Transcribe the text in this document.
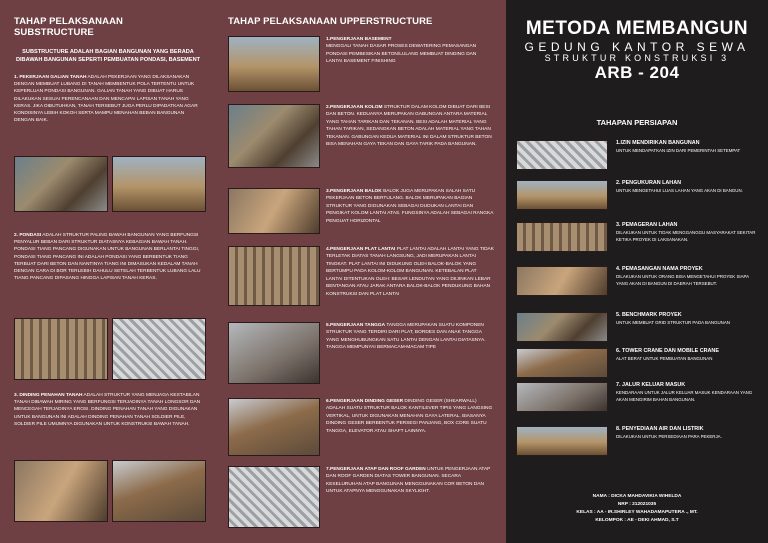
TAHAP PELAKSANAAN SUBSTRUCTURE
SUBSTRUCTURE ADALAH BAGIAN BANGUNAN YANG BERADA DIBAWAH BANGUNAN SEPERTI PEMBUATAN PONDASI, BASEMENT
1. PEKERJAAN GALIAN TANAH ADALAH PEKERJAAN YANG DILAKSANAKAN DENGAN MEMBUAT LUBANG DI TANAH MEMBENTUK POLA TERTENTU UNTUK KEPERLUAN PONDASI BANGUNAN. GALIAN TANAH YANG DIBUAT HARUS DILAKUKAN SESUAI PERENCANAAN DAN MENCAPAI LAPISAN TANAH YANG KERAS. JIKA DIBUTUHKAN, TANAH TERSEBUT JUGA PERLU DIPADATKAN AGAR KONDISINYA LEBIH KOKOH SERTA MAMPU MENAHAN BEBAN BANGUNAN DENGAN BAIK.
2. PONDASI ADALAH STRUKTUR PALING BAWAH BANGUNAN YANG BERFUNGSI PENYALUR BEBAN DARI STRUKTUR DIATASNYA KEBAGIAN BAWAH TANAH. PONDASI TIANG PANCANG DIGUNAKAN UNTUK BANGUNAN BERLANTAI TINGGI, PONDASI TIANG PANCANG INI ADALAH PONDASI YANG BERBENTUK TIANG TERBUAT DARI BETON DAN NANTINYA TIANG INI DIMASUKAN KEDALAM TANAH DENGAN CARA DI BOR TERLEBIH DAHULU SETELAH TERBENTUK LUBANG LALU TIANG PANCANG DIPASANG HINGGA LAPISAN TANAH KERAS.
3. DINDING PENAHAN TANAH ADALAH STRUKTUR YANG MENJAGA KESTABILAN TANAH DIBAWAH MIRING YANG BERFUNGSI TERJADINYA TANAH LONGSOR DAN MENCEGAH TERJADINYA EROSI. DINDING PENAHAN TANAH YANG DIGUNAKAN UNTUK BANGUNAN INI ADALAH DINDING PENAHAN TANAH SOLDIER PILE, SOLDIER PILE UMUMNYA DIGUNAKAN UNTUK KONSTRUKSI BAWAH TANAH.
TAHAP PELAKSANAAN UPPERSTRUCTURE
1.PENGERJAAN BASEMENT
MENGGALI TANAH DASAR PROSES DEWATERING PEMASANGAN PONDASI PEMBESIKAN BETON/LULANG MEMBUAT DINDING DAN LANTAI BASEMENT FINISHING
2.PENGERJAAN KOLOM STRUKTUR DALAM KOLOM DIBUAT DARI BESI DAN BETON. KEDUANYA MERUPAKAN GABUNGAN ANTARA MATERIAL YANG TAHAN TARIKAN DAN TEKANAN. BESI ADALAH MATERIAL YANG TAHAN TARIKAN, SEDANGKAN BETON ADALAH MATERIAL YANG TAHAN TEKANAN. GABUNGAN KEDUA MATERIAL INI DALAM STRUKTUR BETON BISA MENAHAN GAYA TEKAN DAN GAYA TARIK PADA BANGUNAN.
3.PENGERJAAN BALOK BALOK JUGA MERUPAKAN SALAH SATU PEKERJAAN BETON BERTULANG. BALOK MERUPAKAN BAGIAN STRUKTUR YANG DIGUNAKAN SEBAGAI DUDUKAN LANTAI DAN PENGIKAT KOLOM LANTAI ATAS. FUNGSINYA ADALAH SEBAGAI RANGKA PENGUAT HORIZONTAL
4.PENGERJAAN PLAT LANTAI PLAT LANTAI ADALAH LANTAI YANG TIDAK TERLETAK DIATAS TANAH LANGSUNG, JADI MERUPAKAN LANTAI TINGKAT. PLAT LANTAI INI DIDUKUNG OLEH BALOK-BALOK YANG BERTUMPU PADA KOLOM-KOLOM BANGUNAN. KETEBALAN PLAT LANTAI DITENTUKAN OLEH: BESAR LENDUTAN YANG DIIJINKAN LEBAR BENTANGAN ATAU JARAK ANTARA BALOK-BALOK PENDUKUNG BAHAN KONSTRUKSI DAN PLAT LANTAI
5.PENGERJAAN TANGGA TANGGA MERUPAKAN SUATU KOMPONEN STRUKTUR YANG TERDIRI DARI PLAT, BORDES DAN ANAK TANGGA YANG MENGHUBUNGKAN SATU LANTAI DENGAN LANTAI DIATASNYA. TANGGA MEMPUNYAI BERMACAM-MACAM TIPE
6.PENGERJAAN DINDING GESER DINDING GESER (SHEARWALL) ADALAH SUATU STRUKTUR BALOK KANTILEVER TIPIS YANG LANGSING VERTIKAL, UNTUK DIGUNAKAN MENAHAN GAYA LATERAL. BIASANYA DINDING GESER BERBENTUK PERSEGI PANJANG, BOX CORE SUATU TANGGA, ELEVATOR ATAU SHAFT LAINNYA.
7.PENGERJAAN ATAP DAN ROOF GARDEN UNTUK PENGERJAAN ATAP DAN ROOF GARDEN DIATAS TOWER BANGUNAN. SECARA KESELURUHAN ATAP BANGUNAN MENGGUNAKAN COR BETON DAN UNTUK ATAPNYA MENGGUNAKAN SKYLIGHT.
METODA MEMBANGUN
GEDUNG KANTOR SEWA
STRUKTUR KONSTRUKSI 3
ARB - 204
TAHAPAN PERSIAPAN
1.IZIN MENDIRIKAN BANGUNAN
UNTUK MENDAPATKAN IZIN DARI PEMERINTAH SETEMPAT
2. PENGUKURAN LAHAN
UNTUK MENGETAHUI LUAS LAHAN YANG AKAN DI BANGUN.
3. PEMAGERAN LAHAN
DILAKUKAN UNTUK TIDAK MENGGANGGU MASYARAKAT SEKITAR KETIKA PROYEK DI LAKSANAKAN.
4. PEMASANGAN NAMA PROYEK
DILAKUKAN UNTUK ORANG BISA MENGETAHUI PROYEK SIAPA YANG AKAN DI BANGUN DI DAERAH TERSEBUT.
5. BENCHMARK PROYEK
UNTUK MEMBUAT GRID STRUKTUR PADA BANGUNAN
6. TOWER CRANE DAN MOBILE CRANE
ALAT BERAT UNTUK PEMBUATAN BANGUNAN
7. JALUR KELUAR MASUK
KENDARAAN UNTUK JALUR KELUAR MASUK KENDARAAN YANG AKAN MENGIRIM BAHAN BANGUNAN.
8. PENYEDIAAN AIR DAN LISTRIK
DILAKUKAN UNTUK PERSEDIAAN PARA PEKERJA.
NAMA : DICKA MAHDAVIKIA WIHELDA
NRP : 212021035
KELAS : AA - IR.SHIRLEY WAHADAMAPUTERA ., MT.
KELOMPOK : AE - DEKI AHMAD, S.T
